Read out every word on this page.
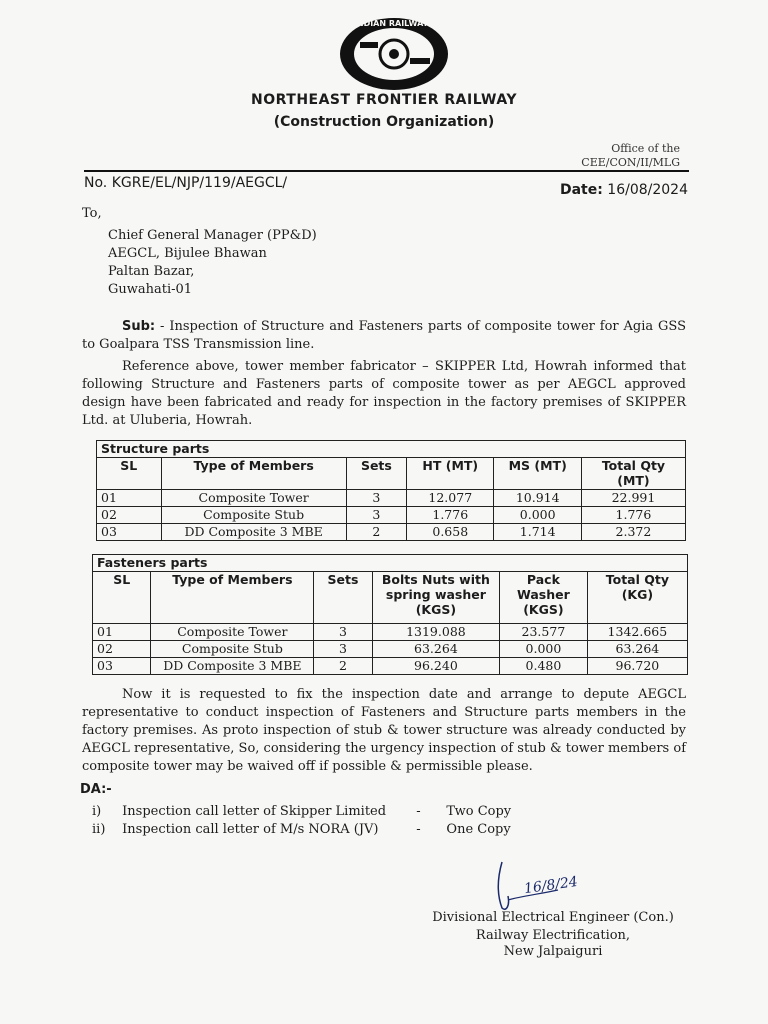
INDIAN RAILWAYS
NORTHEAST FRONTIER RAILWAY
(Construction Organization)
Office of the
CEE/CON/II/MLG
No. KGRE/EL/NJP/119/AEGCL/	Date: 16/08/2024
To,
Chief General Manager (PP&D)
AEGCL, Bijulee Bhawan
Paltan Bazar,
Guwahati-01

Sub: - Inspection of Structure and Fasteners parts of composite tower for Agia GSS to Goalpara TSS Transmission line.

Reference above, tower member fabricator – SKIPPER Ltd, Howrah informed that following Structure and Fasteners parts of composite tower as per AEGCL approved design have been fabricated and ready for inspection in the factory premises of SKIPPER Ltd. at Uluberia, Howrah.

Structure parts					
SL	Type of Members	Sets	HT (MT)	MS (MT)	Total Qty (MT)
01	Composite Tower	3	12.077	10.914	22.991
02	Composite Stub	3	1.776	0.000	1.776
03	DD Composite 3 MBE	2	0.658	1.714	2.372
Fasteners parts					
SL	Type of Members	Sets	Bolts Nuts with spring washer (KGS)	Pack Washer (KGS)	Total Qty (KG)
01	Composite Tower	3	1319.088	23.577	1342.665
02	Composite Stub	3	63.264	0.000	63.264
03	DD Composite 3 MBE	2	96.240	0.480	96.720

Now it is requested to fix the inspection date and arrange to depute AEGCL representative to conduct inspection of Fasteners and Structure parts members in the factory premises. As proto inspection of stub & tower structure was already conducted by AEGCL representative, So, considering the urgency inspection of stub & tower members of composite tower may be waived off if possible & permissible please.

DA:-
i) Inspection call letter of Skipper Limited - Two Copy
ii) Inspection call letter of M/s NORA (JV)	- One Copy
16/8/24
Divisional Electrical Engineer (Con.)
Railway Electrification,
New Jalpaiguri
